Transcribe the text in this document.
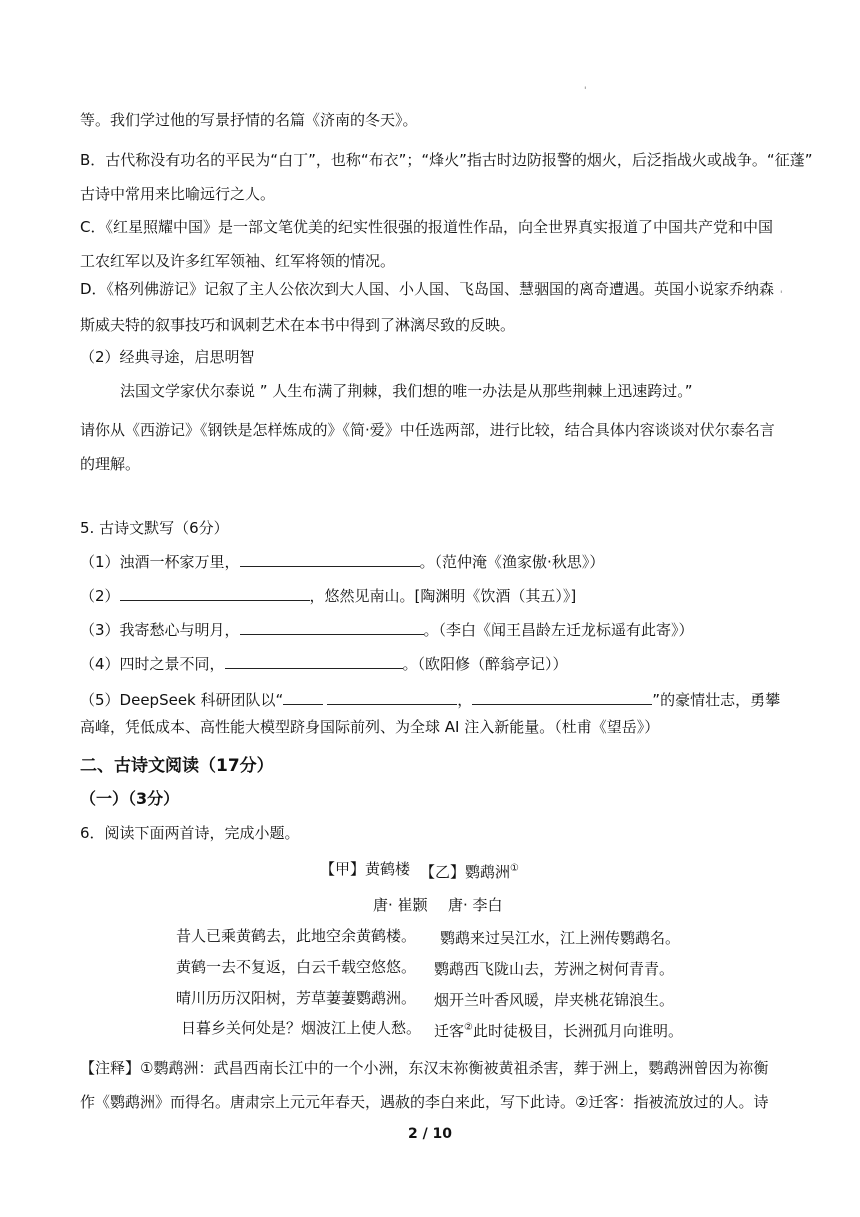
'
'
等。我们学过他的写景抒情的名篇《济南的冬天》。
B．古代称没有功名的平民为“白丁”，也称“布衣”；“烽火”指古时边防报警的烟火，后泛指战火或战争。“征蓬”
古诗中常用来比喻远行之人。
C．《红星照耀中国》是一部文笔优美的纪实性很强的报道性作品，向全世界真实报道了中国共产党和中国
工农红军以及许多红军领袖、红军将领的情况。
D．《格列佛游记》记叙了主人公依次到大人国、小人国、飞岛国、慧骃国的离奇遭遇。英国小说家乔纳森
斯威夫特的叙事技巧和讽刺艺术在本书中得到了淋漓尽致的反映。
（2）经典寻途，启思明智
法国文学家伏尔泰说 ” 人生布满了荆棘，我们想的唯一办法是从那些荆棘上迅速跨过。”
请你从《西游记》《钢铁是怎样炼成的》《简·爱》中任选两部，进行比较，结合具体内容谈谈对伏尔泰名言
的理解。
5. 古诗文默写（6分）
（1）浊酒一杯家万里，	。（范仲淹《渔家傲·秋思》）
（2）	，悠然见南山。[陶渊明《饮酒（其五）》]
（3）我寄愁心与明月，	。（李白《闻王昌龄左迁龙标遥有此寄》）
（4）四时之景不同，	。（欧阳修（醉翁亭记））
（5）DeepSeek 科研团队以“	，	”的豪情壮志，勇攀
高峰，凭低成本、高性能大模型跻身国际前列、为全球 AI 注入新能量。（杜甫《望岳》）
二、古诗文阅读（17分）
（一）（3分）
6．阅读下面两首诗，完成小题。
【甲】黄鹤楼 【乙】鹦鹉洲①
唐· 崔颢 唐· 李白
昔人已乘黄鹤去，此地空余黄鹤楼。
黄鹤一去不复返，白云千载空悠悠。
晴川历历汉阳树，芳草萋萋鹦鹉洲。
日暮乡关何处是？烟波江上使人愁。
鹦鹉来过吴江水，江上洲传鹦鹉名。
鹦鹉西飞陇山去，芳洲之树何青青。
烟开兰叶香风暖，岸夹桃花锦浪生。
迁客②此时徒极目，长洲孤月向谁明。
【注释】①鹦鹉洲：武昌西南长江中的一个小洲，东汉末祢衡被黄祖杀害，葬于洲上，鹦鹉洲曾因为祢衡
作《鹦鹉洲》而得名。唐肃宗上元元年春天，遇赦的李白来此，写下此诗。②迁客：指被流放过的人。诗
2 / 10
